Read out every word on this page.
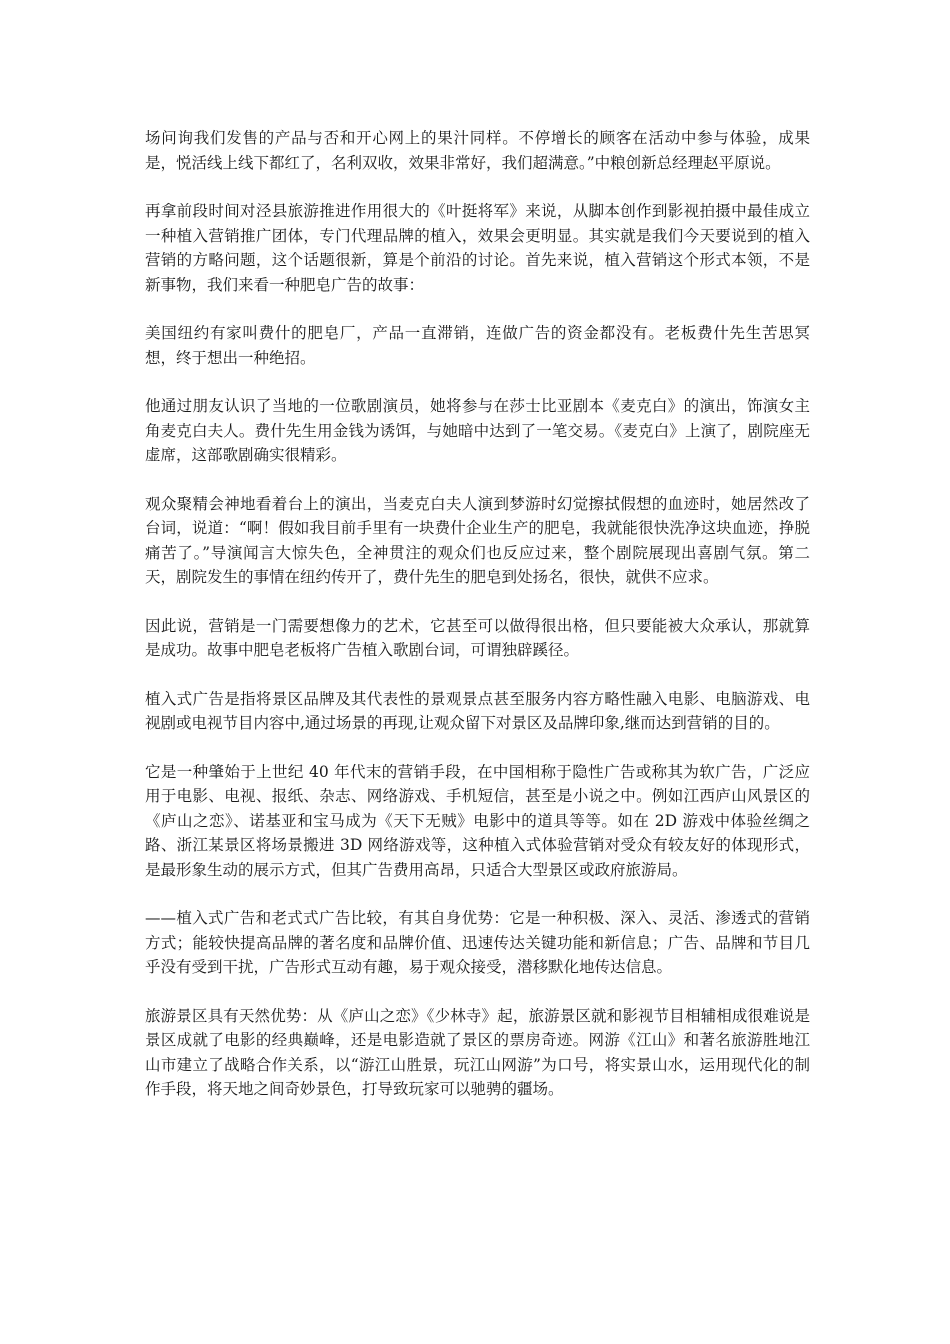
场问询我们发售的产品与否和开心网上的果汁同样。不停增长的顾客在活动中参与体验，成果是，悦活线上线下都红了，名利双收，效果非常好，我们超满意。”中粮创新总经理赵平原说。

再拿前段时间对泾县旅游推进作用很大的《叶挺将军》来说，从脚本创作到影视拍摄中最佳成立一种植入营销推广团体，专门代理品牌的植入，效果会更明显。其实就是我们今天要说到的植入营销的方略问题，这个话题很新，算是个前沿的讨论。首先来说，植入营销这个形式本领，不是新事物，我们来看一种肥皂广告的故事：

美国纽约有家叫费什的肥皂厂，产品一直滞销，连做广告的资金都没有。老板费什先生苦思冥想，终于想出一种绝招。

他通过朋友认识了当地的一位歌剧演员，她将参与在莎士比亚剧本《麦克白》的演出，饰演女主角麦克白夫人。费什先生用金钱为诱饵，与她暗中达到了一笔交易。《麦克白》上演了，剧院座无虚席，这部歌剧确实很精彩。

观众聚精会神地看着台上的演出，当麦克白夫人演到梦游时幻觉擦拭假想的血迹时，她居然改了台词，说道：“啊！假如我目前手里有一块费什企业生产的肥皂，我就能很快洗净这块血迹，挣脱痛苦了。”导演闻言大惊失色，全神贯注的观众们也反应过来，整个剧院展现出喜剧气氛。第二天，剧院发生的事情在纽约传开了，费什先生的肥皂到处扬名，很快，就供不应求。

因此说，营销是一门需要想像力的艺术，它甚至可以做得很出格，但只要能被大众承认，那就算是成功。故事中肥皂老板将广告植入歌剧台词，可谓独辟蹊径。

植入式广告是指将景区品牌及其代表性的景观景点甚至服务内容方略性融入电影、电脑游戏、电视剧或电视节目内容中,通过场景的再现,让观众留下对景区及品牌印象,继而达到营销的目的。

它是一种肇始于上世纪 40 年代末的营销手段，在中国相称于隐性广告或称其为软广告，广泛应用于电影、电视、报纸、杂志、网络游戏、手机短信，甚至是小说之中。例如江西庐山风景区的《庐山之恋》、诺基亚和宝马成为《天下无贼》电影中的道具等等。如在 2D 游戏中体验丝绸之路、浙江某景区将场景搬进 3D 网络游戏等，这种植入式体验营销对受众有较友好的体现形式，是最形象生动的展示方式，但其广告费用高昂，只适合大型景区或政府旅游局。

——植入式广告和老式式广告比较，有其自身优势：它是一种积极、深入、灵活、渗透式的营销方式；能较快提高品牌的著名度和品牌价值、迅速传达关键功能和新信息；广告、品牌和节目几乎没有受到干扰，广告形式互动有趣，易于观众接受，潜移默化地传达信息。

旅游景区具有天然优势：从《庐山之恋》《少林寺》起，旅游景区就和影视节目相辅相成很难说是景区成就了电影的经典巅峰，还是电影造就了景区的票房奇迹。网游《江山》和著名旅游胜地江山市建立了战略合作关系，以“游江山胜景，玩江山网游”为口号，将实景山水，运用现代化的制作手段，将天地之间奇妙景色，打导致玩家可以驰骋的疆场。
